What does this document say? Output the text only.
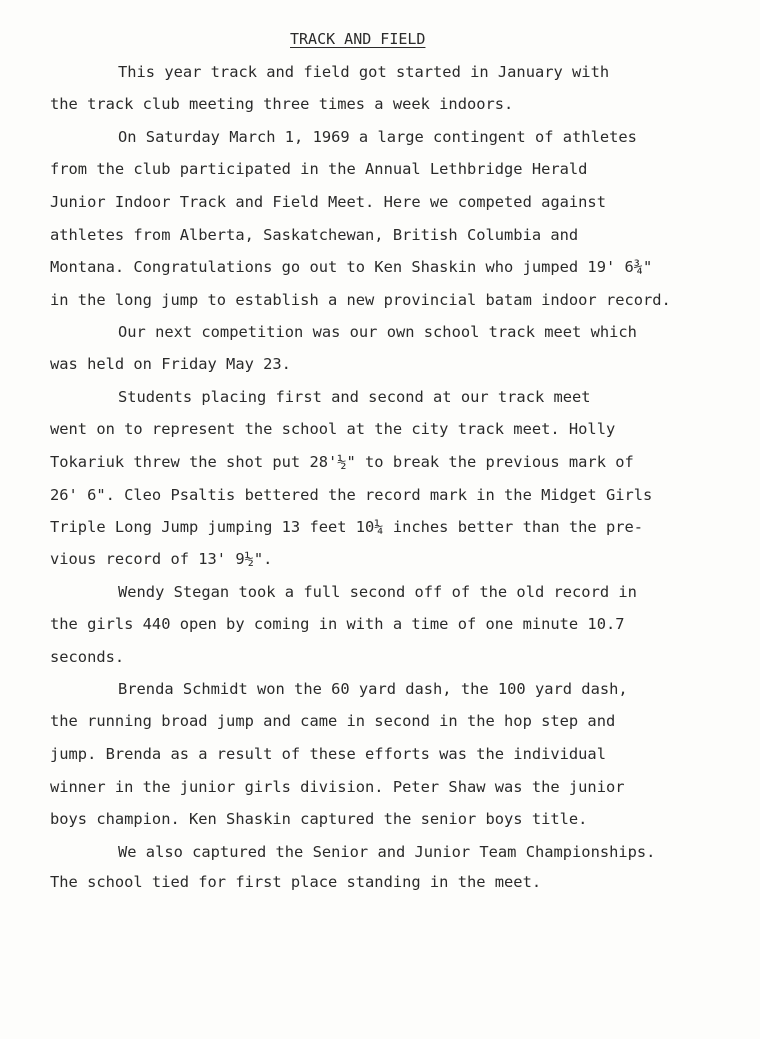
TRACK AND FIELD
This year track and field got started in January with
the track club meeting three times a week indoors.
On Saturday March 1, 1969 a large contingent of athletes
from the club participated in the Annual Lethbridge Herald
Junior Indoor Track and Field Meet. Here we competed against
athletes from Alberta, Saskatchewan, British Columbia and
Montana. Congratulations go out to Ken Shaskin who jumped 19' 6¾"
in the long jump to establish a new provincial batam indoor record.
Our next competition was our own school track meet which
was held on Friday May 23.
Students placing first and second at our track meet
went on to represent the school at the city track meet. Holly
Tokariuk threw the shot put 28'½" to break the previous mark of
26' 6". Cleo Psaltis bettered the record mark in the Midget Girls
Triple Long Jump jumping 13 feet 10¼ inches better than the pre-
vious record of 13' 9½".
Wendy Stegan took a full second off of the old record in
the girls 440 open by coming in with a time of one minute 10.7
seconds.
Brenda Schmidt won the 60 yard dash, the 100 yard dash,
the running broad jump and came in second in the hop step and
jump. Brenda as a result of these efforts was the individual
winner in the junior girls division. Peter Shaw was the junior
boys champion. Ken Shaskin captured the senior boys title.
We also captured the Senior and Junior Team Championships.
The school tied for first place standing in the meet.
